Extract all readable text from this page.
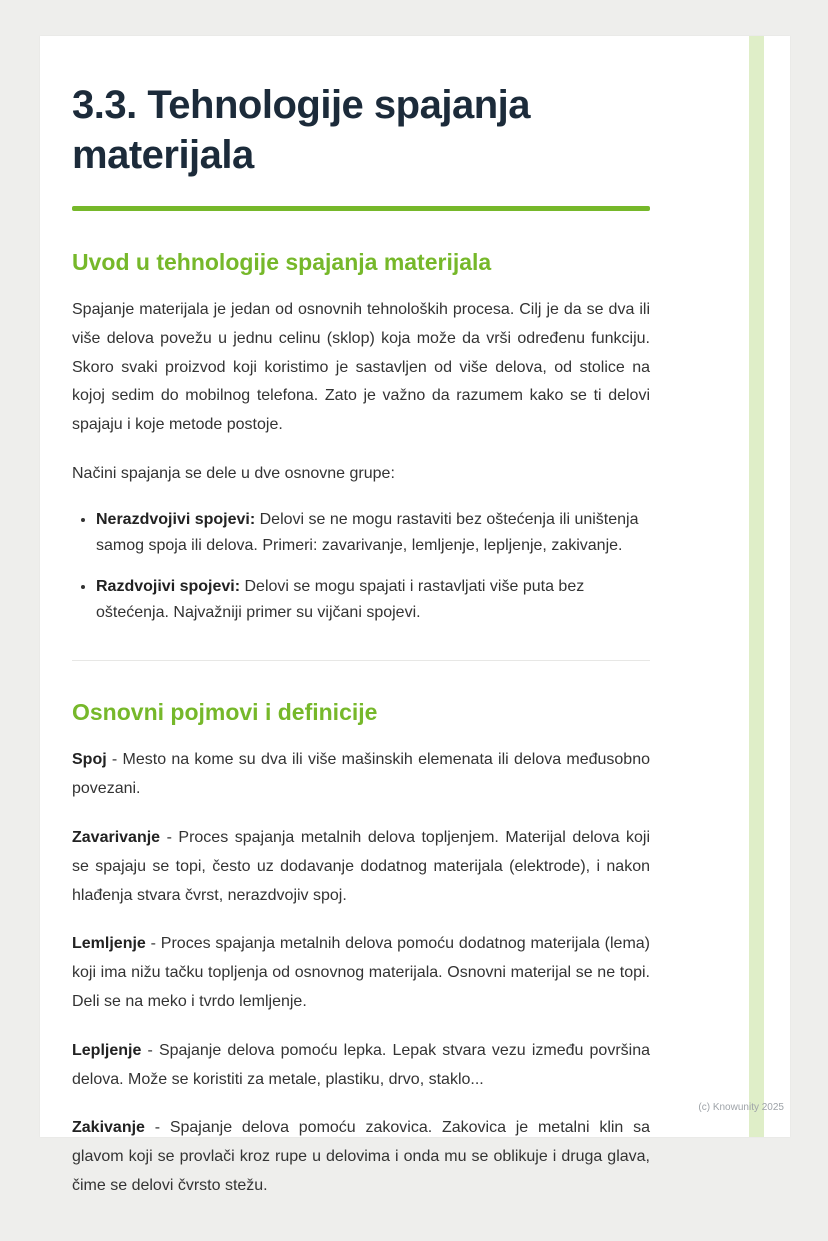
3.3. Tehnologije spajanja materijala
Uvod u tehnologije spajanja materijala

Spajanje materijala je jedan od osnovnih tehnoloških procesa. Cilj je da se dva ili više delova povežu u jednu celinu (sklop) koja može da vrši određenu funkciju. Skoro svaki proizvod koji koristimo je sastavljen od više delova, od stolice na kojoj sedim do mobilnog telefona. Zato je važno da razumem kako se ti delovi spajaju i koje metode postoje.

Načini spajanja se dele u dve osnovne grupe:

• Nerazdvojivi spojevi: Delovi se ne mogu rastaviti bez oštećenja ili uništenja samog spoja ili delova. Primeri: zavarivanje, lemljenje, lepljenje, zakivanje.
• Razdvojivi spojevi: Delovi se mogu spajati i rastavljati više puta bez oštećenja. Najvažniji primer su vijčani spojevi.
Osnovni pojmovi i definicije

Spoj - Mesto na kome su dva ili više mašinskih elemenata ili delova međusobno povezani.

Zavarivanje - Proces spajanja metalnih delova topljenjem. Materijal delova koji se spajaju se topi, često uz dodavanje dodatnog materijala (elektrode), i nakon hlađenja stvara čvrst, nerazdvojiv spoj.

Lemljenje - Proces spajanja metalnih delova pomoću dodatnog materijala (lema) koji ima nižu tačku topljenja od osnovnog materijala. Osnovni materijal se ne topi. Deli se na meko i tvrdo lemljenje.

Lepljenje - Spajanje delova pomoću lepka. Lepak stvara vezu između površina delova. Može se koristiti za metale, plastiku, drvo, staklo...

Zakivanje - Spajanje delova pomoću zakovica. Zakovica je metalni klin sa glavom koji se provlači kroz rupe u delovima i onda mu se oblikuje i druga glava, čime se delovi čvrsto stežu.

(c) Knowunity 2025
